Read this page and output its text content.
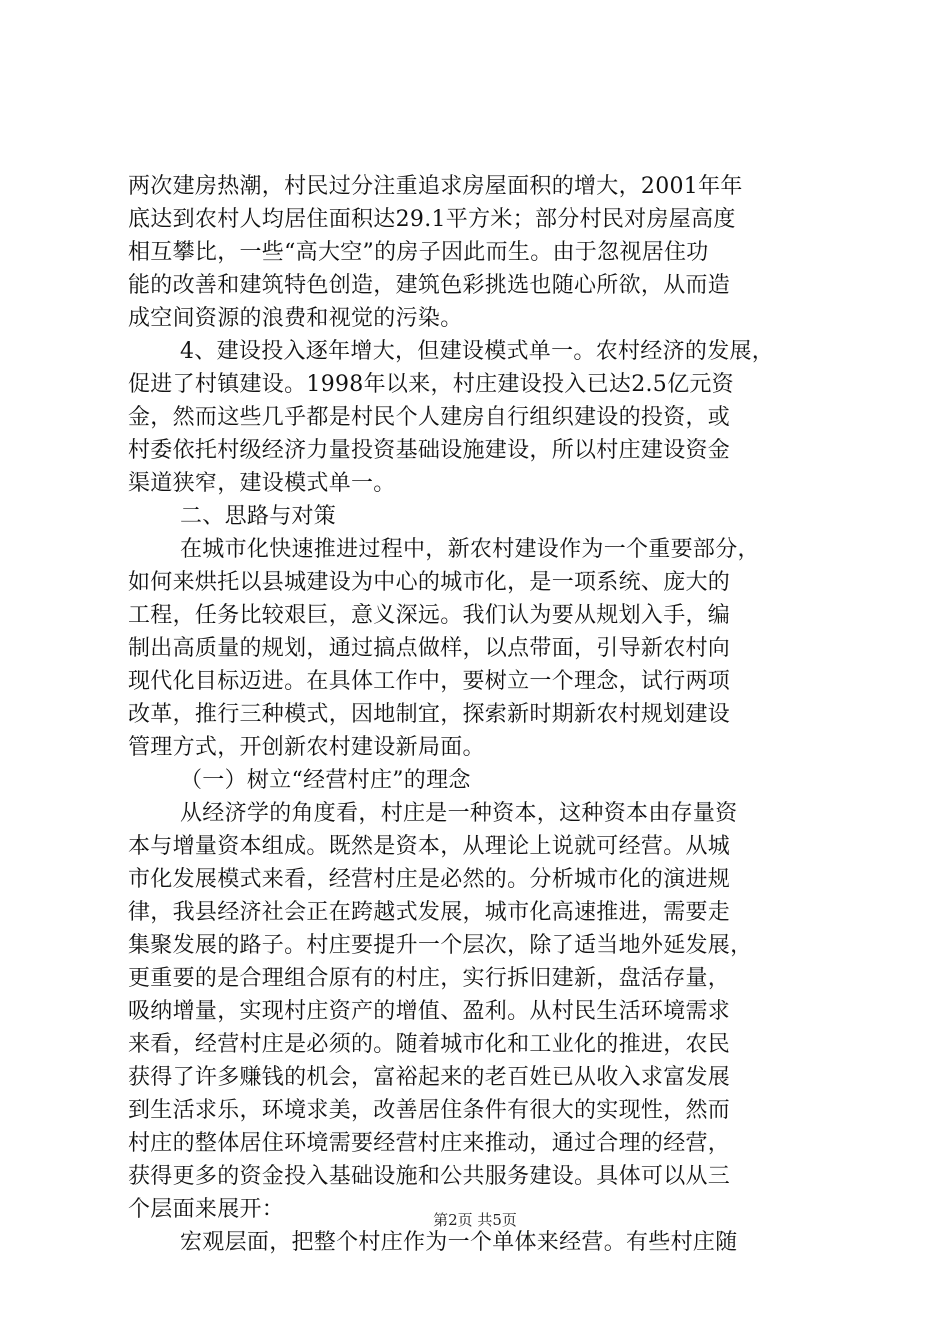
两次建房热潮，村民过分注重追求房屋面积的增大，2001年年
底达到农村人均居住面积达29.1平方米；部分村民对房屋高度
相互攀比，一些“高大空”的房子因此而生。由于忽视居住功
能的改善和建筑特色创造，建筑色彩挑选也随心所欲，从而造
成空间资源的浪费和视觉的污染。
4、建设投入逐年增大，但建设模式单一。农村经济的发展，
促进了村镇建设。1998年以来，村庄建设投入已达2.5亿元资
金，然而这些几乎都是村民个人建房自行组织建设的投资，或
村委依托村级经济力量投资基础设施建设，所以村庄建设资金
渠道狭窄，建设模式单一。
二、思路与对策
在城市化快速推进过程中，新农村建设作为一个重要部分，
如何来烘托以县城建设为中心的城市化，是一项系统、庞大的
工程，任务比较艰巨，意义深远。我们认为要从规划入手，编
制出高质量的规划，通过搞点做样，以点带面，引导新农村向
现代化目标迈进。在具体工作中，要树立一个理念，试行两项
改革，推行三种模式，因地制宜，探索新时期新农村规划建设
管理方式，开创新农村建设新局面。
（一）树立“经营村庄”的理念
从经济学的角度看，村庄是一种资本，这种资本由存量资
本与增量资本组成。既然是资本，从理论上说就可经营。从城
市化发展模式来看，经营村庄是必然的。分析城市化的演进规
律，我县经济社会正在跨越式发展，城市化高速推进，需要走
集聚发展的路子。村庄要提升一个层次，除了适当地外延发展，
更重要的是合理组合原有的村庄，实行拆旧建新，盘活存量，
吸纳增量，实现村庄资产的增值、盈利。从村民生活环境需求
来看，经营村庄是必须的。随着城市化和工业化的推进，农民
获得了许多赚钱的机会，富裕起来的老百姓已从收入求富发展
到生活求乐，环境求美，改善居住条件有很大的实现性，然而
村庄的整体居住环境需要经营村庄来推动，通过合理的经营，
获得更多的资金投入基础设施和公共服务建设。具体可以从三
个层面来展开：
宏观层面，把整个村庄作为一个单体来经营。有些村庄随
第2页 共5页
